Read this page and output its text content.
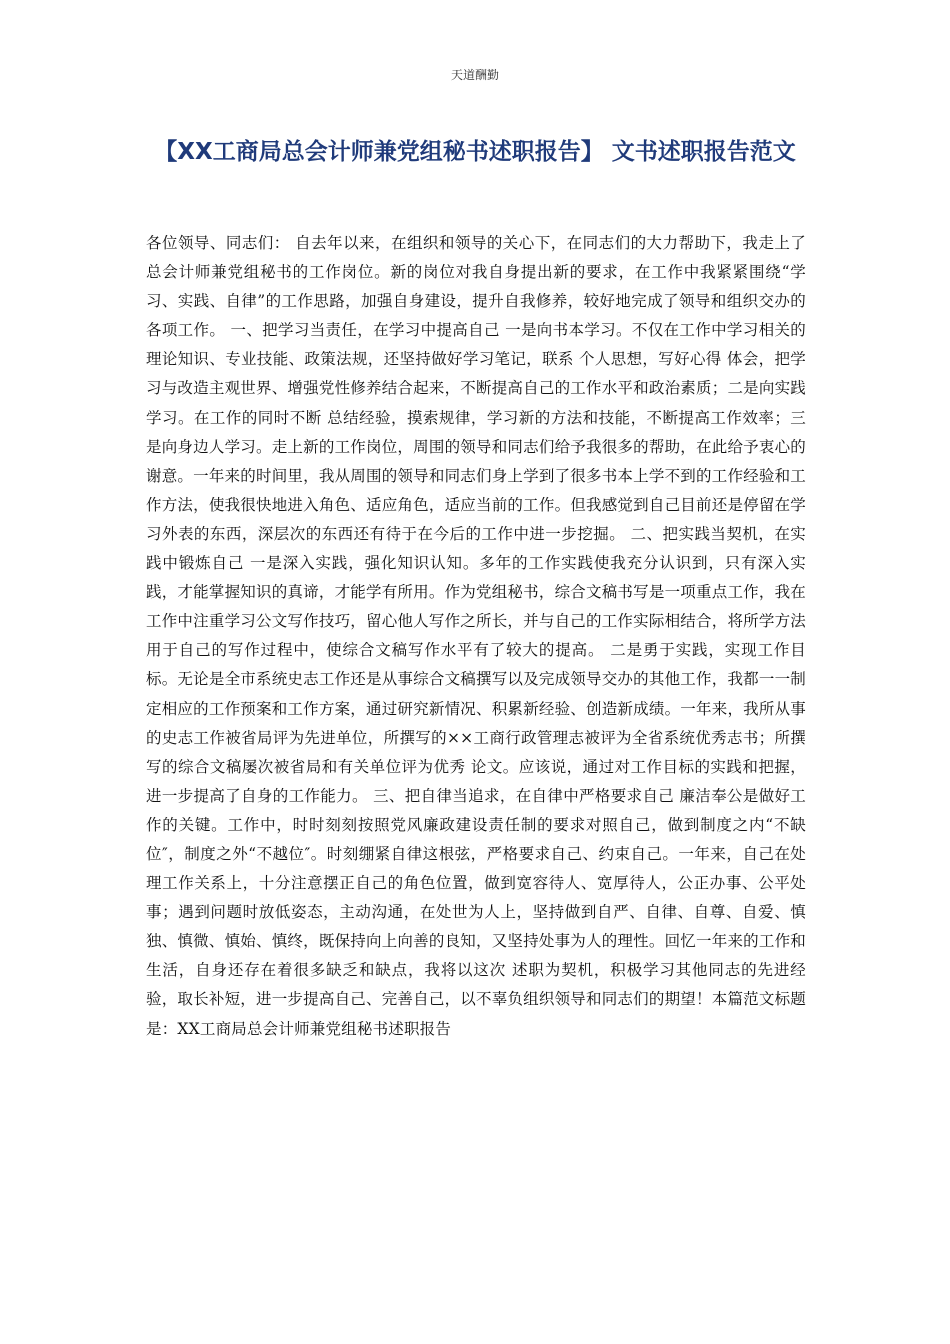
天道酬勤
【XX工商局总会计师兼党组秘书述职报告】 文书述职报告范文

各位领导、同志们： 自去年以来，在组织和领导的关心下，在同志们的大力帮助下，我走上了总会计师兼党组秘书的工作岗位。新的岗位对我自身提出新的要求，在工作中我紧紧围绕“学习、实践、自律”的工作思路，加强自身建设，提升自我修养，较好地完成了领导和组织交办的各项工作。 一、把学习当责任，在学习中提高自己 一是向书本学习。不仅在工作中学习相关的理论知识、专业技能、政策法规，还坚持做好学习笔记，联系 个人思想，写好心得 体会，把学习与改造主观世界、增强党性修养结合起来，不断提高自己的工作水平和政治素质；二是向实践学习。在工作的同时不断 总结经验，摸索规律，学习新的方法和技能，不断提高工作效率；三是向身边人学习。走上新的工作岗位，周围的领导和同志们给予我很多的帮助，在此给予衷心的谢意。一年来的时间里，我从周围的领导和同志们身上学到了很多书本上学不到的工作经验和工作方法，使我很快地进入角色、适应角色，适应当前的工作。但我感觉到自己目前还是停留在学习外表的东西，深层次的东西还有待于在今后的工作中进一步挖掘。 二、把实践当契机，在实践中锻炼自己 一是深入实践，强化知识认知。多年的工作实践使我充分认识到，只有深入实践，才能掌握知识的真谛，才能学有所用。作为党组秘书，综合文稿书写是一项重点工作，我在工作中注重学习公文写作技巧，留心他人写作之所长，并与自己的工作实际相结合，将所学方法用于自己的写作过程中，使综合文稿写作水平有了较大的提高。 二是勇于实践，实现工作目标。无论是全市系统史志工作还是从事综合文稿撰写以及完成领导交办的其他工作，我都一一制定相应的工作预案和工作方案，通过研究新情况、积累新经验、创造新成绩。一年来，我所从事的史志工作被省局评为先进单位，所撰写的××工商行政管理志被评为全省系统优秀志书；所撰写的综合文稿屡次被省局和有关单位评为优秀 论文。应该说，通过对工作目标的实践和把握，进一步提高了自身的工作能力。 三、把自律当追求，在自律中严格要求自己 廉洁奉公是做好工作的关键。工作中，时时刻刻按照党风廉政建设责任制的要求对照自己，做到制度之内“不缺位″，制度之外“不越位″。时刻绷紧自律这根弦，严格要求自己、约束自己。一年来，自己在处理工作关系上，十分注意摆正自己的角色位置，做到宽容待人、宽厚待人，公正办事、公平处事；遇到问题时放低姿态，主动沟通，在处世为人上，坚持做到自严、自律、自尊、自爱、慎独、慎微、慎始、慎终，既保持向上向善的良知，又坚持处事为人的理性。回忆一年来的工作和生活，自身还存在着很多缺乏和缺点，我将以这次 述职为契机，积极学习其他同志的先进经验，取长补短，进一步提高自己、完善自己，以不辜负组织领导和同志们的期望！本篇范文标题是：XX工商局总会计师兼党组秘书述职报告
